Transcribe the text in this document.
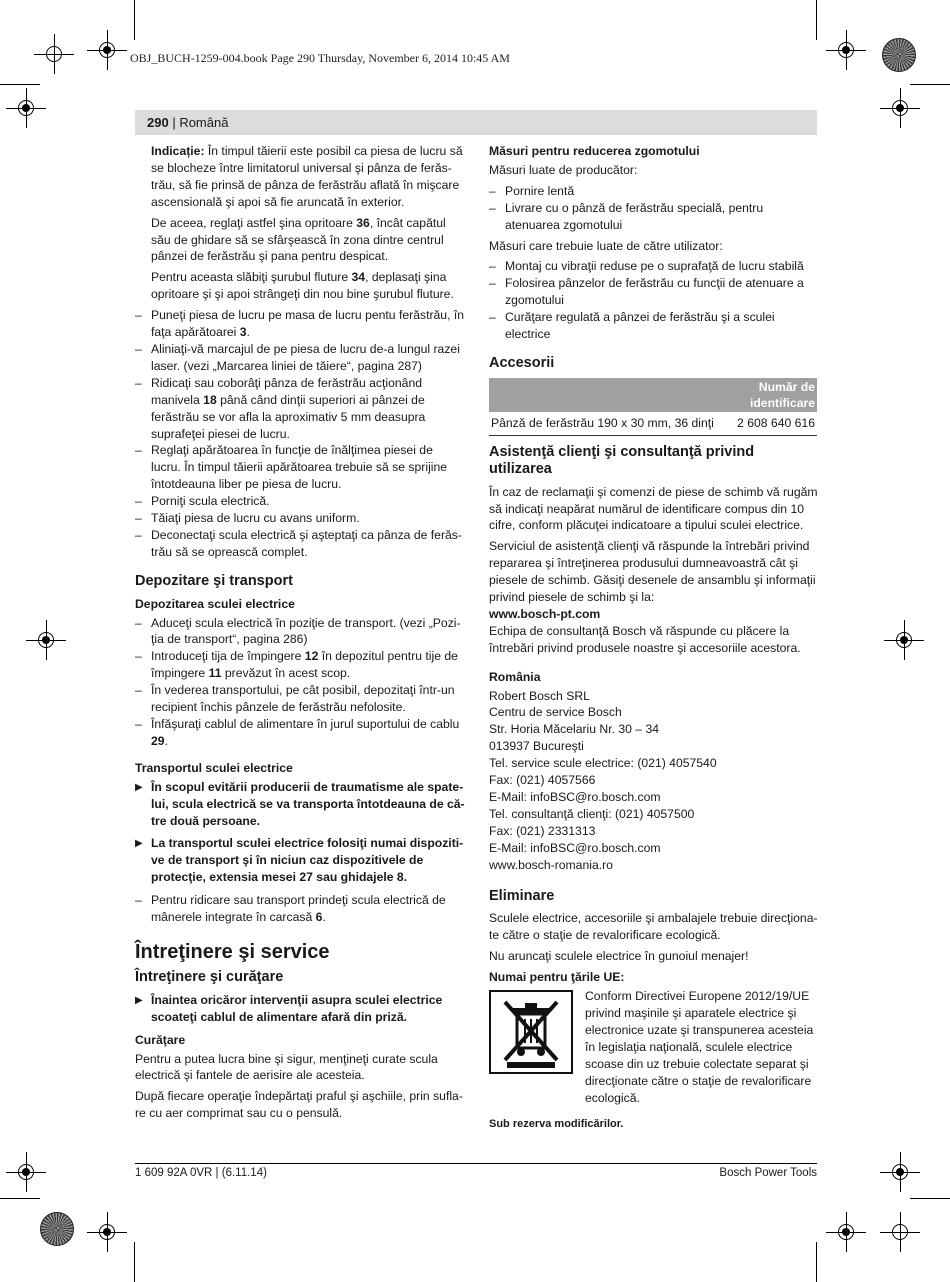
OBJ_BUCH-1259-004.book Page 290 Thursday, November 6, 2014 10:45 AM
290 | Română

Indicație: În timpul tăierii este posibil ca piesa de lucru să se blocheze între limitatorul universal şi pânza de ferăstrău, să fie prinsă de pânza de ferăstrău aflată în mişcare ascensională şi apoi să fie aruncată în exterior.

De aceea, reglaţi astfel şina opritoare 36, încât capătul său de ghidare să se sfârşească în zona dintre centrul pânzei de ferăstrău şi pana pentru despicat.

Pentru aceasta slăbiţi şurubul fluture 34, deplasaţi şina opritoare şi şi apoi strângeţi din nou bine şurubul fluture.

– Puneţi piesa de lucru pe masa de lucru pentu ferăstrău, în faţa apărătoarei 3.
– Aliniaţi-vă marcajul de pe piesa de lucru de-a lungul razei laser. (vezi „Marcarea liniei de tăiere“, pagina 287)
– Ridicaţi sau coborâţi pânza de ferăstrău acţionând manivela 18 până când dinţii superiori ai pânzei de ferăstrău se vor afla la aproximativ 5 mm deasupra suprafeţei piesei de lucru.
– Reglaţi apărătoarea în funcţie de înălţimea piesei de lucru. În timpul tăierii apărătoarea trebuie să se sprijine întotdeauna liber pe piesa de lucru.
– Porniţi scula electrică.
– Tăiaţi piesa de lucru cu avans uniform.
– Deconectaţi scula electrică şi aşteptaţi ca pânza de ferăstrău să se oprească complet.
Depozitare şi transport
Depozitarea sculei electrice
– Aduceţi scula electrică în poziţie de transport. (vezi „Poziţia de transport“, pagina 286)
– Introduceţi tija de împingere 12 în depozitul pentru tije de împingere 11 prevăzut în acest scop.
– În vederea transportului, pe cât posibil, depozitaţi într-un recipient închis pânzele de ferăstrău nefolosite.
– Înfăşuraţi cablul de alimentare în jurul suportului de cablu 29.
Transportul sculei electrice
▶ În scopul evitării producerii de traumatisme ale spatelui, scula electrică se va transporta întotdeauna de către două persoane.
▶ La transportul sculei electrice folosiţi numai dispozitive de transport şi în niciun caz dispozitivele de protecţie, extensia mesei 27 sau ghidajele 8.
– Pentru ridicare sau transport prindeţi scula electrică de mânerele integrate în carcasă 6.
Întreţinere şi service
Întreţinere şi curăţare
▶ Înaintea oricăror intervenţii asupra sculei electrice scoateţi cablul de alimentare afară din priză.
Curăţare

Pentru a putea lucra bine şi sigur, menţineţi curate scula electrică şi fantele de aerisire ale acesteia.

După fiecare operaţie îndepărtaţi praful şi aşchiile, prin suflare cu aer comprimat sau cu o pensulă.

Măsuri pentru reducerea zgomotului

Măsuri luate de producător:

– Pornire lentă
– Livrare cu o pânză de ferăstrău specială, pentru atenuarea zgomotului

Măsuri care trebuie luate de către utilizator:

– Montaj cu vibraţii reduse pe o suprafaţă de lucru stabilă
– Folosirea pânzelor de ferăstrău cu funcţii de atenuare a zgomotului
– Curăţare regulată a pânzei de ferăstrău şi a sculei electrice
Accesorii
Număr de
identificare
Pânză de ferăstrău 190 x 30 mm, 36 dinţi	2 608 640 616
Asistenţă clienţi şi consultanţă privind utilizarea

În caz de reclamaţii şi comenzi de piese de schimb vă rugăm să indicaţi neapărat numărul de identificare compus din 10 cifre, conform plăcuţei indicatoare a tipului sculei electrice.

Serviciul de asistenţă clienţi vă răspunde la întrebări privind repararea şi întreţinerea produsului dumneavoastră cât şi piesele de schimb. Găsiţi desenele de ansamblu şi informaţii privind piesele de schimb şi la:

www.bosch-pt.com

Echipa de consultanţă Bosch vă răspunde cu plăcere la întrebări privind produsele noastre şi accesoriile acestora.

România
Robert Bosch SRL
Centru de service Bosch
Str. Horia Măcelariu Nr. 30 – 34
013937 Bucureşti
Tel. service scule electrice: (021) 4057540
Fax: (021) 4057566
E-Mail: infoBSC@ro.bosch.com
Tel. consultanţă clienţi: (021) 4057500
Fax: (021) 2331313
E-Mail: infoBSC@ro.bosch.com
www.bosch-romania.ro
Eliminare

Sculele electrice, accesoriile şi ambalajele trebuie direcţionate către o staţie de revalorificare ecologică.

Nu aruncaţi sculele electrice în gunoiul menajer!

Numai pentru ţările UE:
Conform Directivei Europene 2012/19/UE privind maşinile şi aparatele electrice şi electronice uzate şi transpunerea acesteia în legislaţia naţională, sculele electrice scoase din uz trebuie colectate separat şi direcţionate către o staţie de revalorificare ecologică.

Sub rezerva modificărilor.

1 609 92A 0VR | (6.11.14)	Bosch Power Tools
